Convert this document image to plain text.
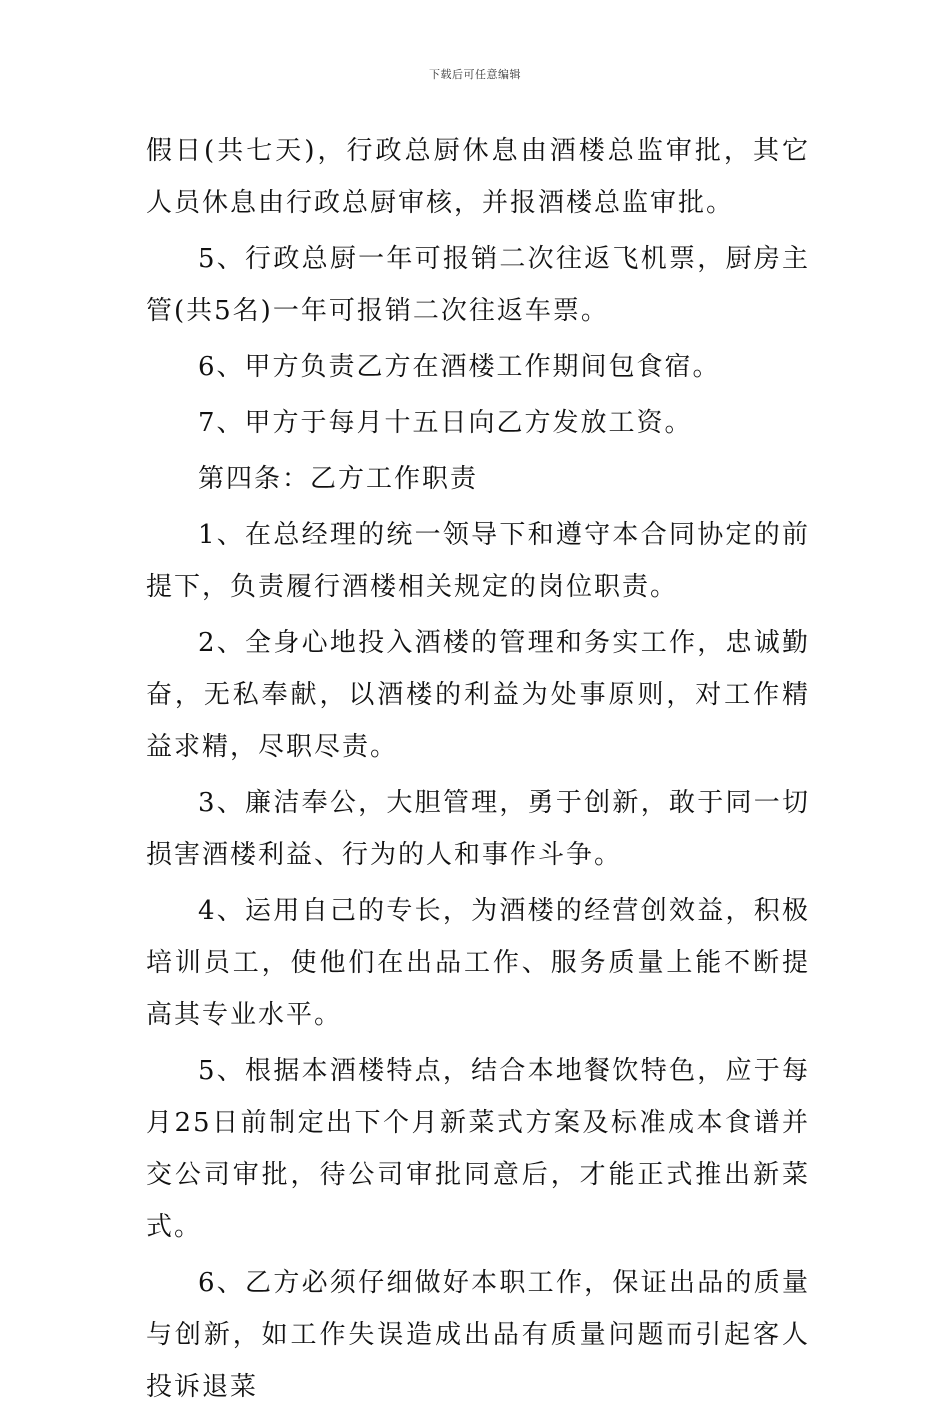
下载后可任意编辑

假日(共七天)，行政总厨休息由酒楼总监审批，其它人员休息由行政总厨审核，并报酒楼总监审批。

5、行政总厨一年可报销二次往返飞机票，厨房主管(共5名)一年可报销二次往返车票。

6、甲方负责乙方在酒楼工作期间包食宿。

7、甲方于每月十五日向乙方发放工资。

第四条：乙方工作职责

1、在总经理的统一领导下和遵守本合同协定的前提下，负责履行酒楼相关规定的岗位职责。

2、全身心地投入酒楼的管理和务实工作，忠诚勤奋，无私奉献，以酒楼的利益为处事原则，对工作精益求精，尽职尽责。

3、廉洁奉公，大胆管理，勇于创新，敢于同一切损害酒楼利益、行为的人和事作斗争。

4、运用自己的专长，为酒楼的经营创效益，积极培训员工，使他们在出品工作、服务质量上能不断提高其专业水平。

5、根据本酒楼特点，结合本地餐饮特色，应于每月25日前制定出下个月新菜式方案及标准成本食谱并交公司审批，待公司审批同意后，才能正式推出新菜式。

6、乙方必须仔细做好本职工作，保证出品的质量与创新，如工作失误造成出品有质量问题而引起客人投诉退菜
